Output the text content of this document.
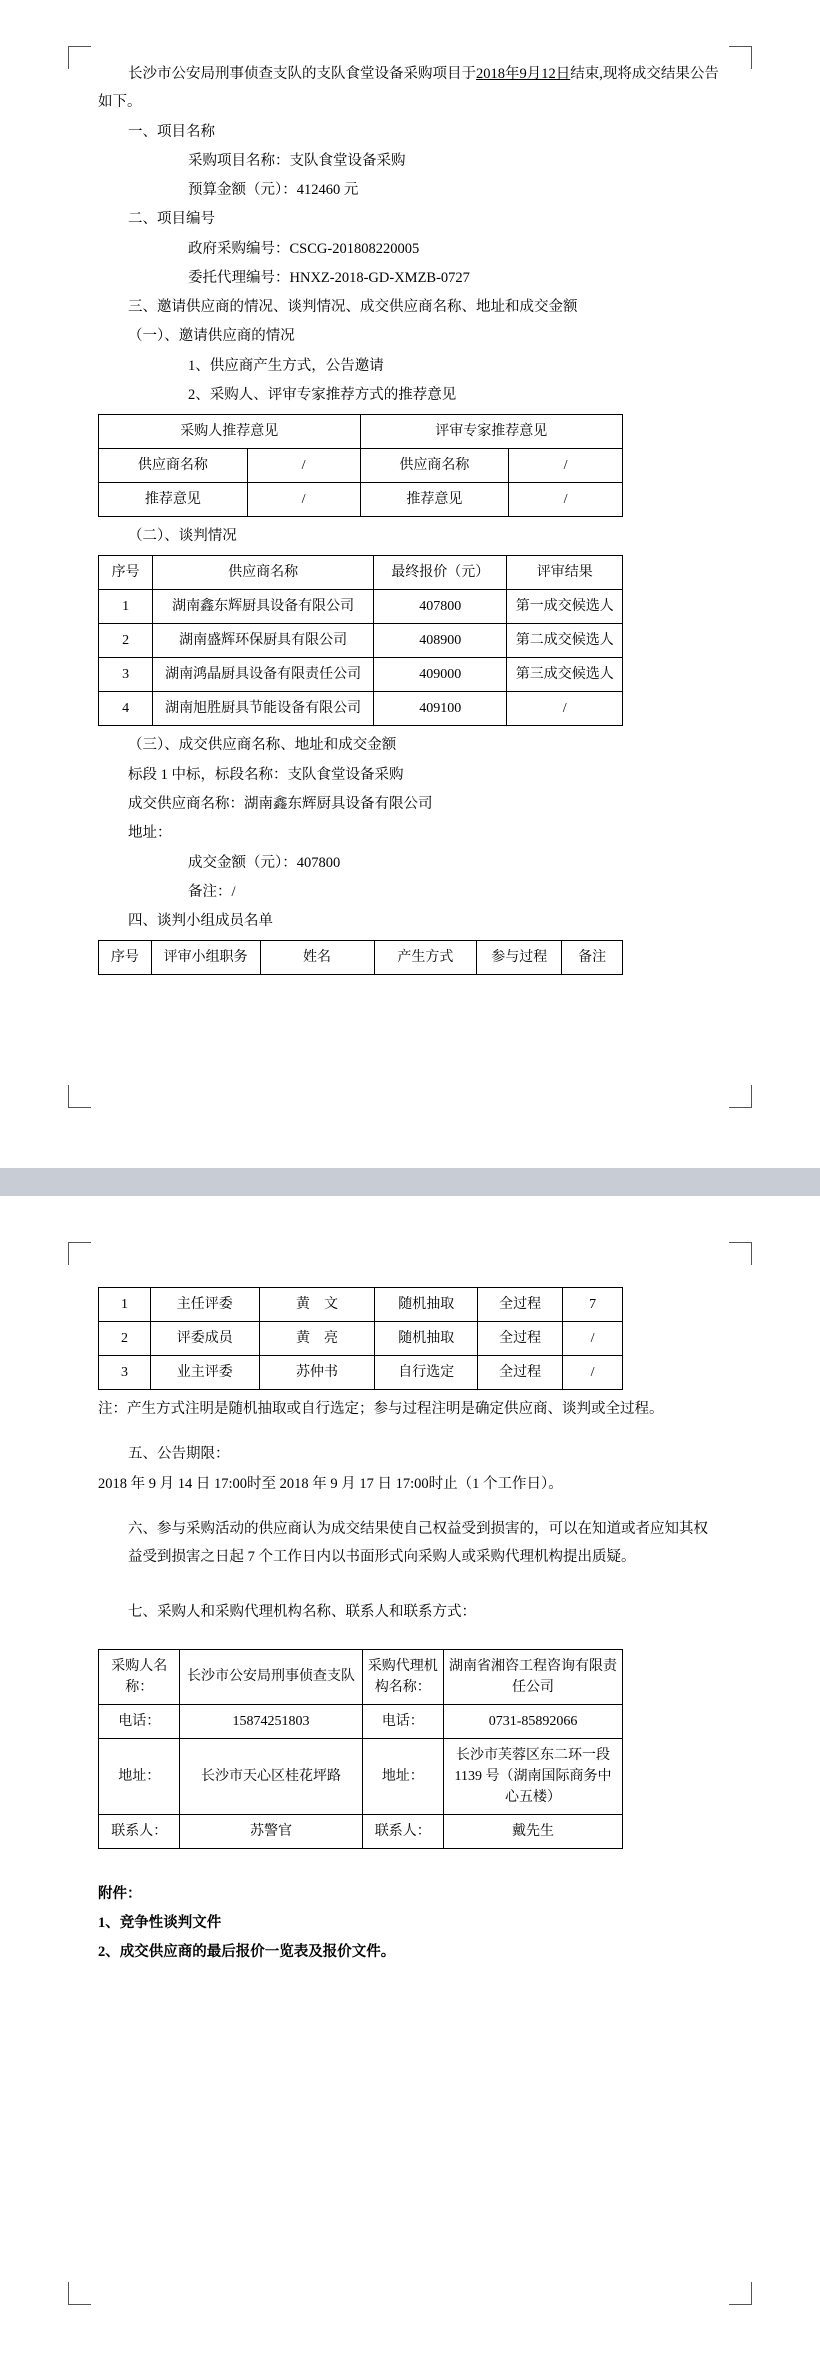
长沙市公安局刑事侦查支队的支队食堂设备采购项目于2018年9月12日结束,现将成交结果公告如下。

一、项目名称

采购项目名称：支队食堂设备采购

预算金额（元）：412460 元

二、项目编号

政府采购编号：CSCG-201808220005

委托代理编号：HNXZ-2018-GD-XMZB-0727

三、邀请供应商的情况、谈判情况、成交供应商名称、地址和成交金额

（一）、邀请供应商的情况

1、供应商产生方式，公告邀请

2、采购人、评审专家推荐方式的推荐意见

采购人推荐意见		评审专家推荐意见	
供应商名称	/	供应商名称	/
推荐意见	/	推荐意见	/

（二）、谈判情况

序号	供应商名称	最终报价（元）	评审结果
1	湖南鑫东辉厨具设备有限公司	407800	第一成交候选人
2	湖南盛辉环保厨具有限公司	408900	第二成交候选人
3	湖南鸿晶厨具设备有限责任公司	409000	第三成交候选人
4	湖南旭胜厨具节能设备有限公司	409100	/

（三）、成交供应商名称、地址和成交金额

标段 1 中标，标段名称：支队食堂设备采购

成交供应商名称：湖南鑫东辉厨具设备有限公司

地址：

成交金额（元）：407800

备注：/

四、谈判小组成员名单

序号	评审小组职务	姓名	产生方式	参与过程	备注
1	主任评委	黄　文	随机抽取	全过程	7
2	评委成员	黄　亮	随机抽取	全过程	/
3	业主评委	苏仲书	自行选定	全过程	/

注：产生方式注明是随机抽取或自行选定；参与过程注明是确定供应商、谈判或全过程。

五、公告期限：

2018 年 9 月 14 日 17:00时至 2018 年 9 月 17 日 17:00时止（1 个工作日）。

六、参与采购活动的供应商认为成交结果使自己权益受到损害的，可以在知道或者应知其权益受到损害之日起 7 个工作日内以书面形式向采购人或采购代理机构提出质疑。

七、采购人和采购代理机构名称、联系人和联系方式：

采购人名称：	长沙市公安局刑事侦查支队	采购代理机构名称：	湖南省湘咨工程咨询有限责任公司
电话：	15874251803	电话：	0731-85892066
地址：	长沙市天心区桂花坪路	地址：	长沙市芙蓉区东二环一段 1139 号（湖南国际商务中心五楼）
联系人：	苏警官	联系人：	戴先生

附件：

1、竞争性谈判文件

2、成交供应商的最后报价一览表及报价文件。
